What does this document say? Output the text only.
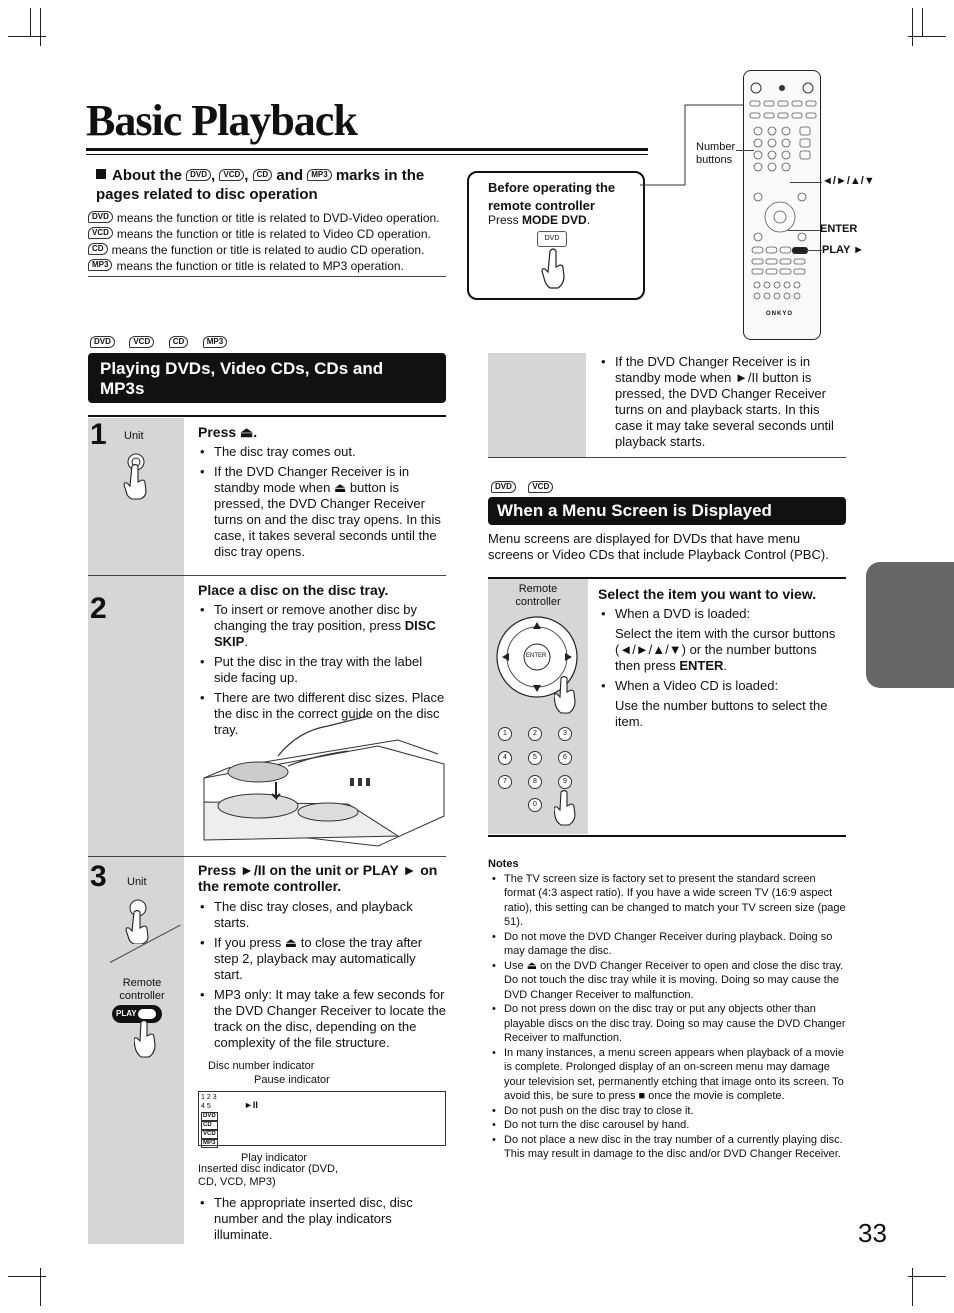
Basic Playback
About the DVD , VCD , CD and MP3 marks in the pages related to disc operation
DVD means the function or title is related to DVD-Video operation.
VCD means the function or title is related to Video CD operation.
CD means the function or title is related to audio CD operation.
MP3 means the function or title is related to MP3 operation.
Before operating the remote controller
Press MODE DVD.
DVD
ONKYO
Number buttons
◄/►/▲/▼
ENTER
PLAY ►
DVD	VCD	CD	MP3
Playing DVDs, Video CDs, CDs and MP3s
1 Unit	Press ⏏.
• The disc tray comes out.
• If the DVD Changer Receiver is in standby mode when ⏏ button is pressed, the DVD Changer Receiver turns on and the disc tray opens. In this case, it takes several seconds until the disc tray opens.
2
Place a disc on the disc tray.
• To insert or remove another disc by changing the tray position, press DISC SKIP.
• Put the disc in the tray with the label side facing up.
• There are two different disc sizes. Place the disc in the correct guide on the disc tray.
3 Unit
Remote controller
PLAY
Press ►/II on the unit or PLAY ► on the remote controller.
• The disc tray closes, and playback starts.
• If you press ⏏ to close the tray after step 2, playback may automatically start.
• MP3 only: It may take a few seconds for the DVD Changer Receiver to locate the track on the disc, depending on the complexity of the file structure.
Disc number indicator
Pause indicator
1 2 3
4 5
DVD
CD
VCD
MP3
►II
Play indicator
Inserted disc indicator (DVD, CD, VCD, MP3)
• The appropriate inserted disc, disc number and the play indicators illuminate.
• If the DVD Changer Receiver is in standby mode when ►/II button is pressed, the DVD Changer Receiver turns on and playback starts. In this case it may take several seconds until playback starts.
DVD	VCD
When a Menu Screen is Displayed
Menu screens are displayed for DVDs that have menu screens or Video CDs that include Playback Control (PBC).
Remote controller
ENTER
1	2	3
4	5	6
7	8	9
0
Select the item you want to view.
• When a DVD is loaded:
Select the item with the cursor buttons (◄/►/▲/▼) or the number buttons then press ENTER.
• When a Video CD is loaded:
Use the number buttons to select the item.
Notes
• The TV screen size is factory set to present the standard screen format (4:3 aspect ratio). If you have a wide screen TV (16:9 aspect ratio), this setting can be changed to match your TV screen size (page 51).
• Do not move the DVD Changer Receiver during playback. Doing so may damage the disc.
• Use ⏏ on the DVD Changer Receiver to open and close the disc tray. Do not touch the disc tray while it is moving. Doing so may cause the DVD Changer Receiver to malfunction.
• Do not press down on the disc tray or put any objects other than playable discs on the disc tray. Doing so may cause the DVD Changer Receiver to malfunction.
• In many instances, a menu screen appears when playback of a movie is complete. Prolonged display of an on-screen menu may damage your television set, permanently etching that image onto its screen. To avoid this, be sure to press ■ once the movie is complete.
• Do not push on the disc tray to close it.
• Do not turn the disc carousel by hand.
• Do not place a new disc in the tray number of a currently playing disc. This may result in damage to the disc and/or DVD Changer Receiver.
33
